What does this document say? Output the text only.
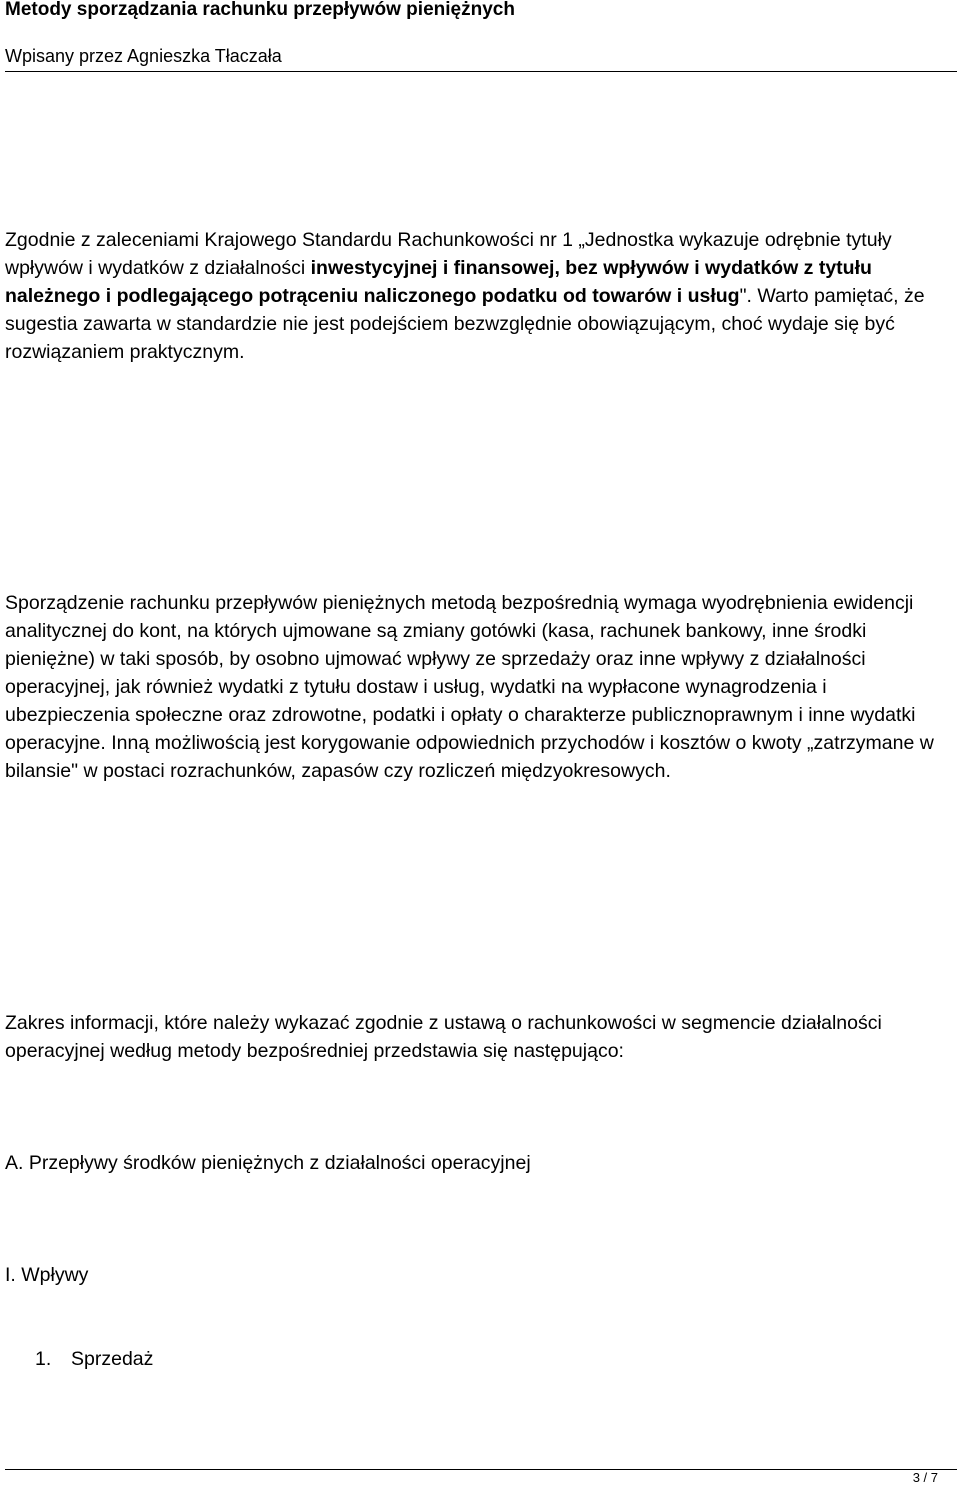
Metody sporządzania rachunku przepływów pieniężnych
Wpisany przez Agnieszka Tłaczała

Zgodnie z zaleceniami Krajowego Standardu Rachunkowości nr 1 „Jednostka wykazuje odrębnie tytuły wpływów i wydatków z działalności inwestycyjnej i finansowej, bez wpływów i wydatków z tytułu należnego i podlegającego potrąceniu naliczonego podatku od towarów i usług". Warto pamiętać, że sugestia zawarta w standardzie nie jest podejściem bezwzględnie obowiązującym, choć wydaje się być rozwiązaniem praktycznym.

Sporządzenie rachunku przepływów pieniężnych metodą bezpośrednią wymaga wyodrębnienia ewidencji analitycznej do kont, na których ujmowane są zmiany gotówki (kasa, rachunek bankowy, inne środki pieniężne) w taki sposób, by osobno ujmować wpływy ze sprzedaży oraz inne wpływy z działalności operacyjnej, jak również wydatki z tytułu dostaw i usług, wydatki na wypłacone wynagrodzenia i ubezpieczenia społeczne oraz zdrowotne, podatki i opłaty o charakterze publicznoprawnym i inne wydatki operacyjne. Inną możliwością jest korygowanie odpowiednich przychodów i kosztów o kwoty „zatrzymane w bilansie" w postaci rozrachunków, zapasów czy rozliczeń międzyokresowych.

Zakres informacji, które należy wykazać zgodnie z ustawą o rachunkowości w segmencie działalności operacyjnej według metody bezpośredniej przedstawia się następująco:

A. Przepływy środków pieniężnych z działalności operacyjnej

I. Wpływy

1. Sprzedaż
3 / 7
